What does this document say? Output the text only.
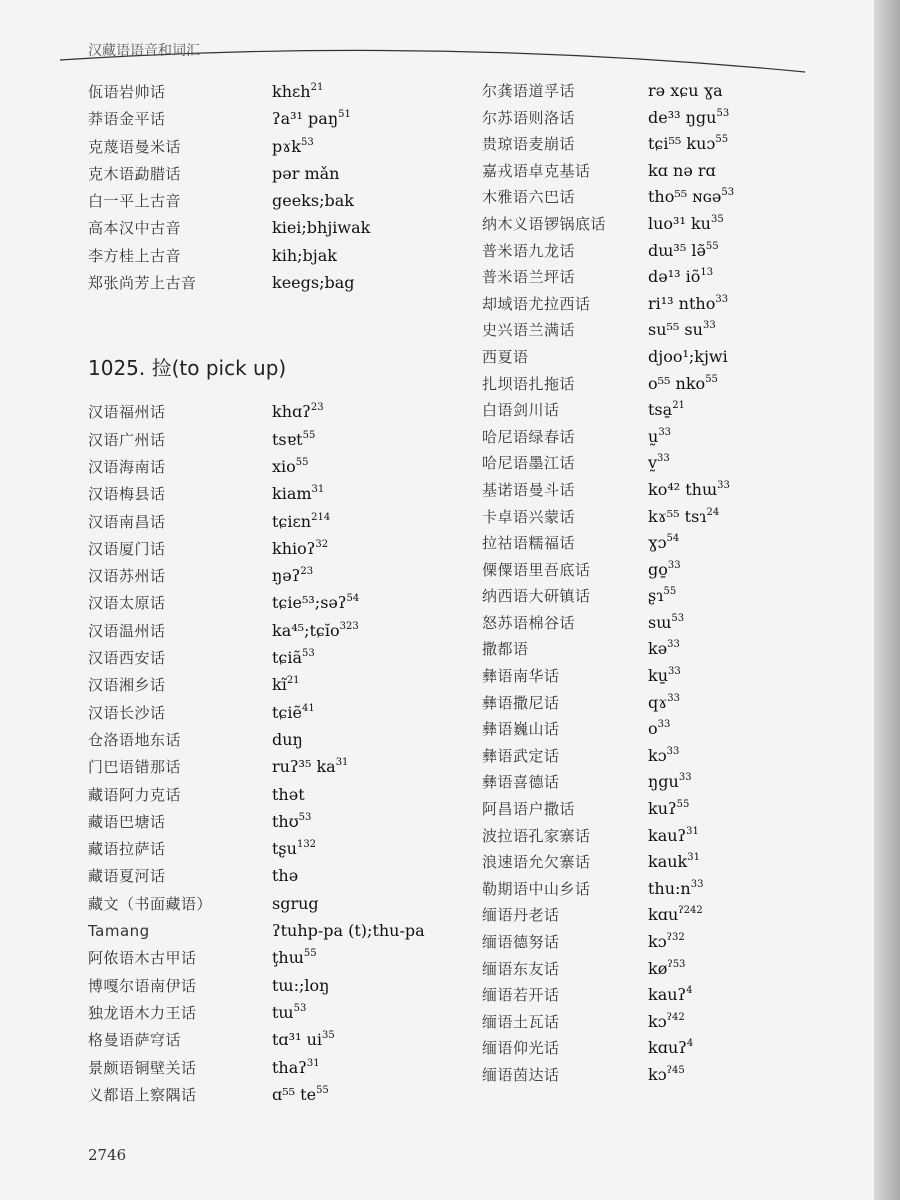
汉藏语语音和词汇
佤语岩帅话	khɛh$^{21}$
莽语金平话	ʔa³¹ paŋ$^{51}$
克蔑语曼米话	pɤk$^{53}$
克木语勐腊话	pər mǎn
白一平上古音	geeks;bak
高本汉中古音	kiei;bhjiwak
李方桂上古音	kih;bjak
郑张尚芳上古音	keegs;bag
1025. 捡(to pick up)
汉语福州话	khɑʔ$^{23}$
汉语广州话	tsɐt$^{55}$
汉语海南话	xio$^{55}$
汉语梅县话	kiam$^{31}$
汉语南昌话	tɕiɛn$^{214}$
汉语厦门话	khioʔ$^{32}$
汉语苏州话	ŋəʔ$^{23}$
汉语太原话	tɕie⁵³;səʔ$^{54}$
汉语温州话	ka⁴⁵;tɕĭo$^{323}$
汉语西安话	tɕiã$^{53}$
汉语湘乡话	$kĩ^{21}$
汉语长沙话	tɕiẽ$^{41}$
仓洛语地东话	duŋ
门巴语错那话	ruʔ³⁵ $ka^{31}$
藏语阿力克话	thət
藏语巴塘话	thʊ$^{53}$
藏语拉萨话	tʂu$^{132}$
藏语夏河话	thə
藏文（书面藏语）	sgrug
Tamang	ʔtuhp-pa (t);thu-pa
阿侬语木古甲话	ţhɯ$^{55}$
博嘎尔语南伊话	tɯ:;loŋ
独龙语木力王话	tɯ$^{53}$
格曼语萨穹话	tɑ³¹ $ui^{35}$
景颇语铜壁关话	thaʔ$^{31}$
义都语上察隅话	ɑ⁵⁵ $te^{55}$
尔龚语道孚话	rə xɕu ɣa
尔苏语则洛话	de³³ ŋgu$^{53}$
贵琼语麦崩话	tɕi⁵⁵ kuɔ$^{55}$
嘉戎语卓克基话	kɑ nə rɑ
木雅语六巴话	tho⁵⁵ ɴɢə$^{53}$
纳木义语锣锅底话	luo³¹ $ku^{35}$
普米语九龙话	dɯ³⁵ lə̃$^{55}$
普米语兰坪话	də¹³ $iõ^{13}$
却域语尤拉西话	ri¹³ ntho$^{33}$
史兴语兰满话	su⁵⁵ $su^{33}$
西夏语	djoo¹;kjwi
扎坝语扎拖话	o⁵⁵ nko$^{55}$
白语剑川话	tsa̱$^{21}$
哈尼语绿春话	ṵ$^{33}$
哈尼语墨江话	v̰$^{33}$
基诺语曼斗话	ko⁴² thɯ$^{33}$
卡卓语兴蒙话	kɤ⁵⁵ tsɿ$^{24}$
拉祜语糯福话	ɣɔ$^{54}$
傈僳语里吾底话	go̱$^{33}$
纳西语大研镇话	ʂɿ$^{55}$
怒苏语棉谷话	sɯ$^{53}$
撒都语	kə$^{33}$
彝语南华话	ku̱$^{33}$
彝语撒尼话	qɤ$^{33}$
彝语巍山话	$o^{33}$
彝语武定话	kɔ$^{33}$
彝语喜德话	ŋgu$^{33}$
阿昌语户撒话	kuʔ$^{55}$
波拉语孔家寨话	kauʔ$^{31}$
浪速语允欠寨话	kauk$^{31}$
勒期语中山乡话	$thu:n^{33}$
缅语丹老话	kɑu$^{ʔ242}$
缅语德努话	kɔ$^{ʔ32}$
缅语东友话	$kø^{ʔ53}$
缅语若开话	kauʔ$^4$
缅语土瓦话	kɔ$^{ʔ42}$
缅语仰光话	kɑuʔ$^4$
缅语茵达话	kɔ$^{ʔ45}$
2746
